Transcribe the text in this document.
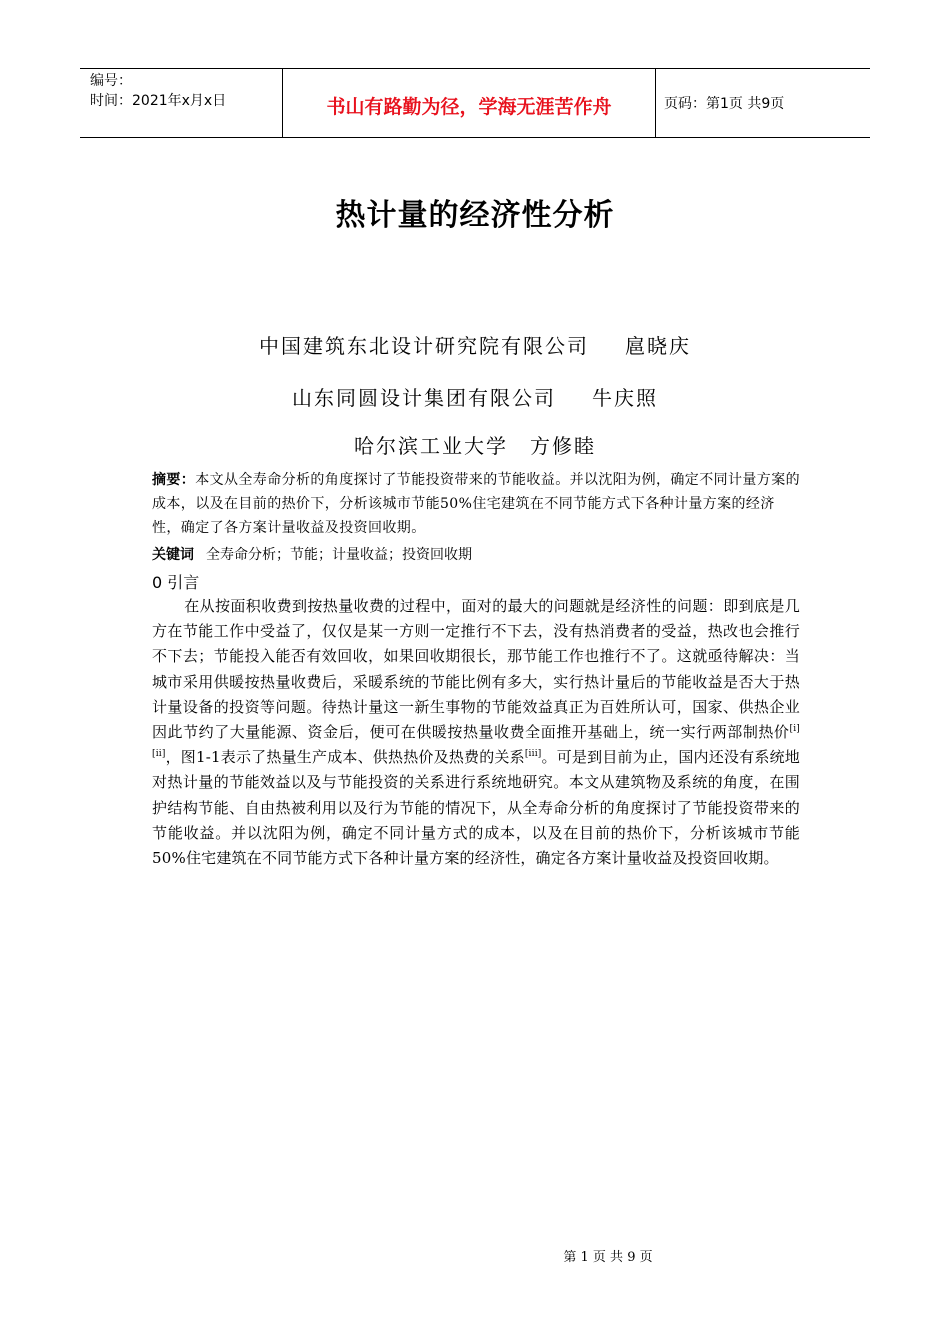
编号：
时间：2021年x月x日	书山有路勤为径，学海无涯苦作舟	页码：第1页 共9页
热计量的经济性分析
中国建筑东北设计研究院有限公司 扈晓庆
山东同圆设计集团有限公司 牛庆照
哈尔滨工业大学 方修睦
摘要：本文从全寿命分析的角度探讨了节能投资带来的节能收益。并以沈阳为例，确定不同计量方案的成本，以及在目前的热价下，分析该城市节能50%住宅建筑在不同节能方式下各种计量方案的经济性，确定了各方案计量收益及投资回收期。
关键词 全寿命分析；节能；计量收益；投资回收期
0 引言
在从按面积收费到按热量收费的过程中，面对的最大的问题就是经济性的问题：即到底是几方在节能工作中受益了，仅仅是某一方则一定推行不下去，没有热消费者的受益，热改也会推行不下去；节能投入能否有效回收，如果回收期很长，那节能工作也推行不了。这就亟待解决：当城市采用供暖按热量收费后，采暖系统的节能比例有多大，实行热计量后的节能收益是否大于热计量设备的投资等问题。待热计量这一新生事物的节能效益真正为百姓所认可，国家、供热企业因此节约了大量能源、资金后，便可在供暖按热量收费全面推开基础上，统一实行两部制热价[i][ii]，图1-1表示了热量生产成本、供热热价及热费的关系[iii]。可是到目前为止，国内还没有系统地对热计量的节能效益以及与节能投资的关系进行系统地研究。本文从建筑物及系统的角度，在围护结构节能、自由热被利用以及行为节能的情况下，从全寿命分析的角度探讨了节能投资带来的节能收益。并以沈阳为例，确定不同计量方式的成本，以及在目前的热价下，分析该城市节能50%住宅建筑在不同节能方式下各种计量方案的经济性，确定各方案计量收益及投资回收期。
第 1 页 共 9 页
